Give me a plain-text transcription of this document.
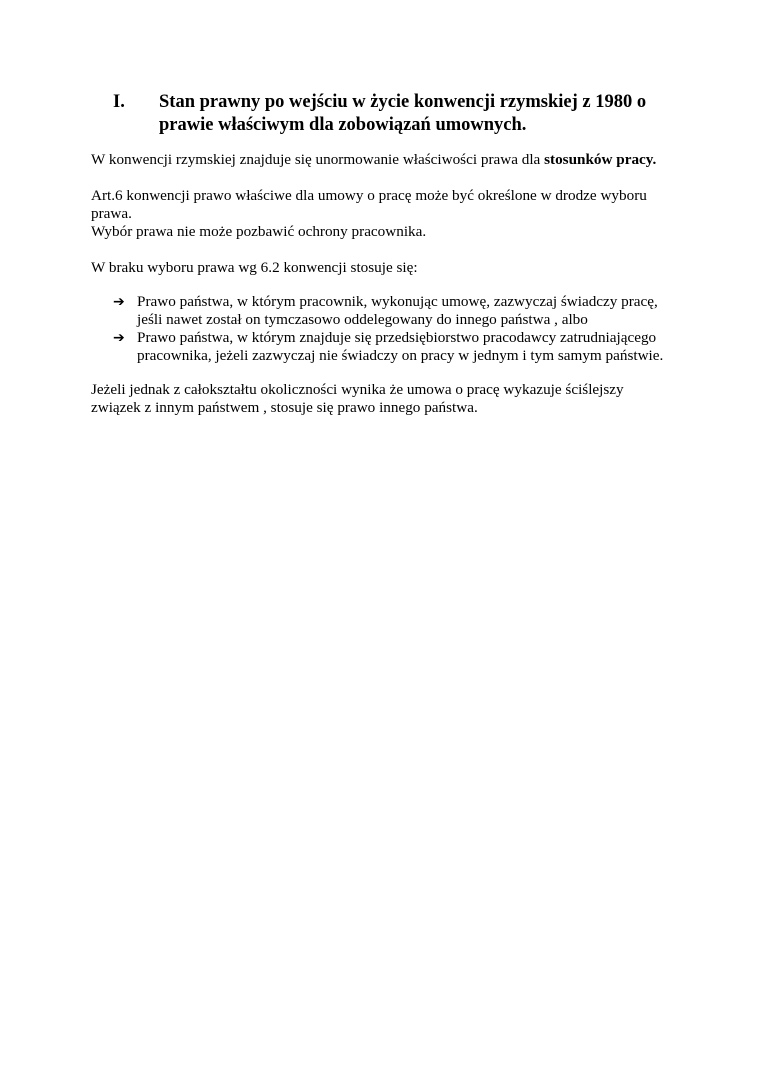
I.	Stan prawny po wejściu w życie konwencji rzymskiej z 1980 o
prawie właściwym dla zobowiązań umownych.
W konwencji rzymskiej znajduje się unormowanie właściwości prawa dla stosunków pracy.
Art.6 konwencji prawo właściwe dla umowy o pracę może być określone w drodze wyboru
prawa.
Wybór prawa nie może pozbawić ochrony pracownika.
W braku wyboru prawa wg 6.2 konwencji stosuje się:
➔ Prawo państwa, w którym pracownik, wykonując umowę, zazwyczaj świadczy pracę,
jeśli nawet został on tymczasowo oddelegowany do innego państwa , albo
➔ Prawo państwa, w którym znajduje się przedsiębiorstwo pracodawcy zatrudniającego
pracownika, jeżeli zazwyczaj nie świadczy on pracy w jednym i tym samym państwie.
Jeżeli jednak z całokształtu okoliczności wynika że umowa o pracę wykazuje ściślejszy
związek z innym państwem , stosuje się prawo innego państwa.
